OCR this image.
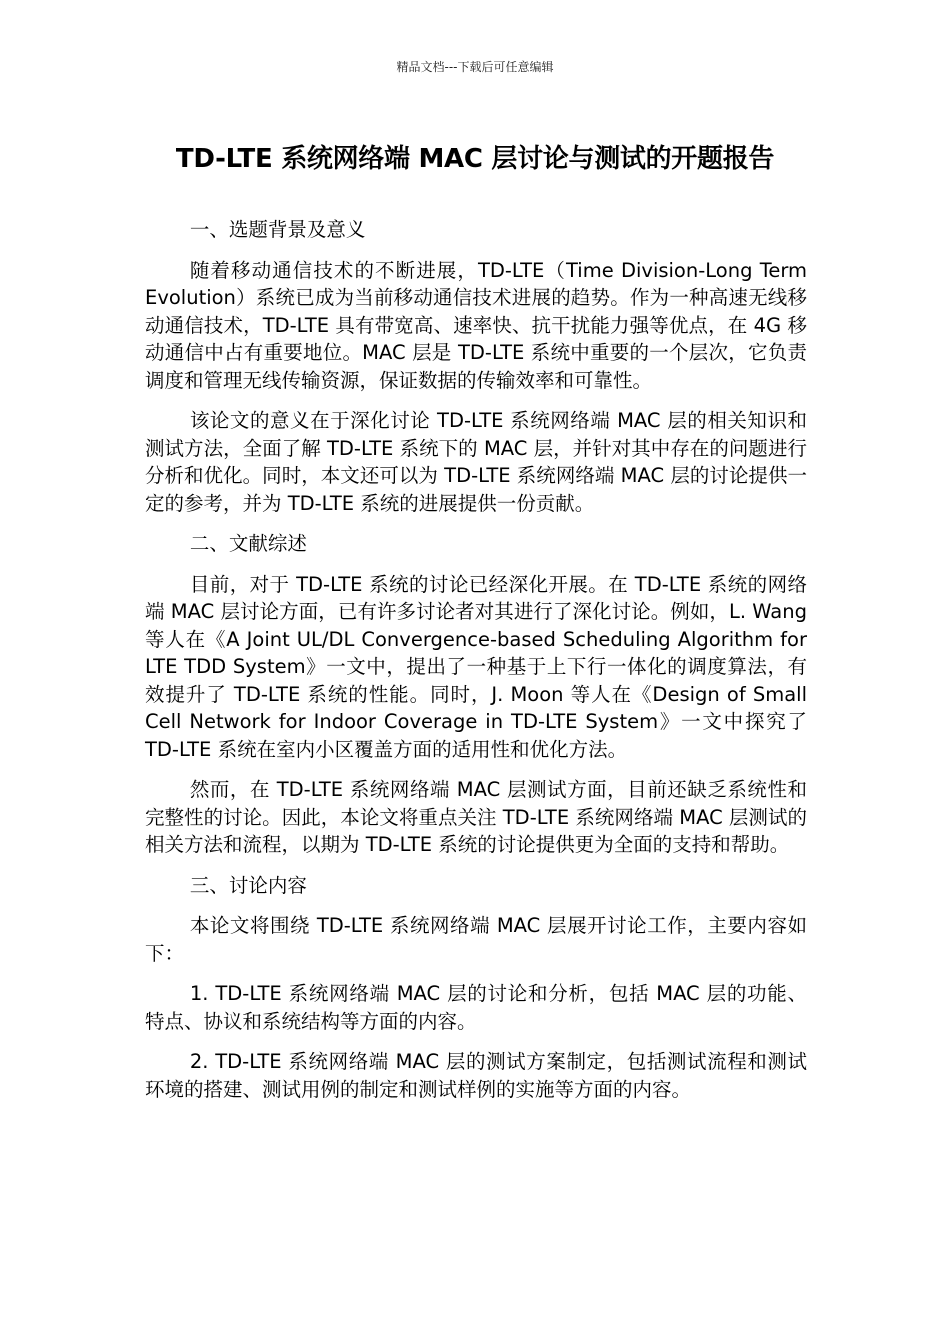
精品文档---下载后可任意编辑
TD-LTE 系统网络端 MAC 层讨论与测试的开题报告

一、选题背景及意义

随着移动通信技术的不断进展，TD-LTE（Time Division-Long Term Evolution）系统已成为当前移动通信技术进展的趋势。作为一种高速无线移动通信技术，TD-LTE 具有带宽高、速率快、抗干扰能力强等优点，在 4G 移动通信中占有重要地位。MAC 层是 TD-LTE 系统中重要的一个层次，它负责调度和管理无线传输资源，保证数据的传输效率和可靠性。

该论文的意义在于深化讨论 TD-LTE 系统网络端 MAC 层的相关知识和测试方法，全面了解 TD-LTE 系统下的 MAC 层，并针对其中存在的问题进行分析和优化。同时，本文还可以为 TD-LTE 系统网络端 MAC 层的讨论提供一定的参考，并为 TD-LTE 系统的进展提供一份贡献。

二、文献综述

目前，对于 TD-LTE 系统的讨论已经深化开展。在 TD-LTE 系统的网络端 MAC 层讨论方面，已有许多讨论者对其进行了深化讨论。例如，L. Wang 等人在《A Joint UL/DL Convergence-based Scheduling Algorithm for LTE TDD System》一文中，提出了一种基于上下行一体化的调度算法，有效提升了 TD-LTE 系统的性能。同时，J. Moon 等人在《Design of Small Cell Network for Indoor Coverage in TD-LTE System》一文中探究了 TD-LTE 系统在室内小区覆盖方面的适用性和优化方法。

然而，在 TD-LTE 系统网络端 MAC 层测试方面，目前还缺乏系统性和完整性的讨论。因此，本论文将重点关注 TD-LTE 系统网络端 MAC 层测试的相关方法和流程，以期为 TD-LTE 系统的讨论提供更为全面的支持和帮助。

三、讨论内容

本论文将围绕 TD-LTE 系统网络端 MAC 层展开讨论工作，主要内容如下：

1. TD-LTE 系统网络端 MAC 层的讨论和分析，包括 MAC 层的功能、特点、协议和系统结构等方面的内容。

2. TD-LTE 系统网络端 MAC 层的测试方案制定，包括测试流程和测试环境的搭建、测试用例的制定和测试样例的实施等方面的内容。
